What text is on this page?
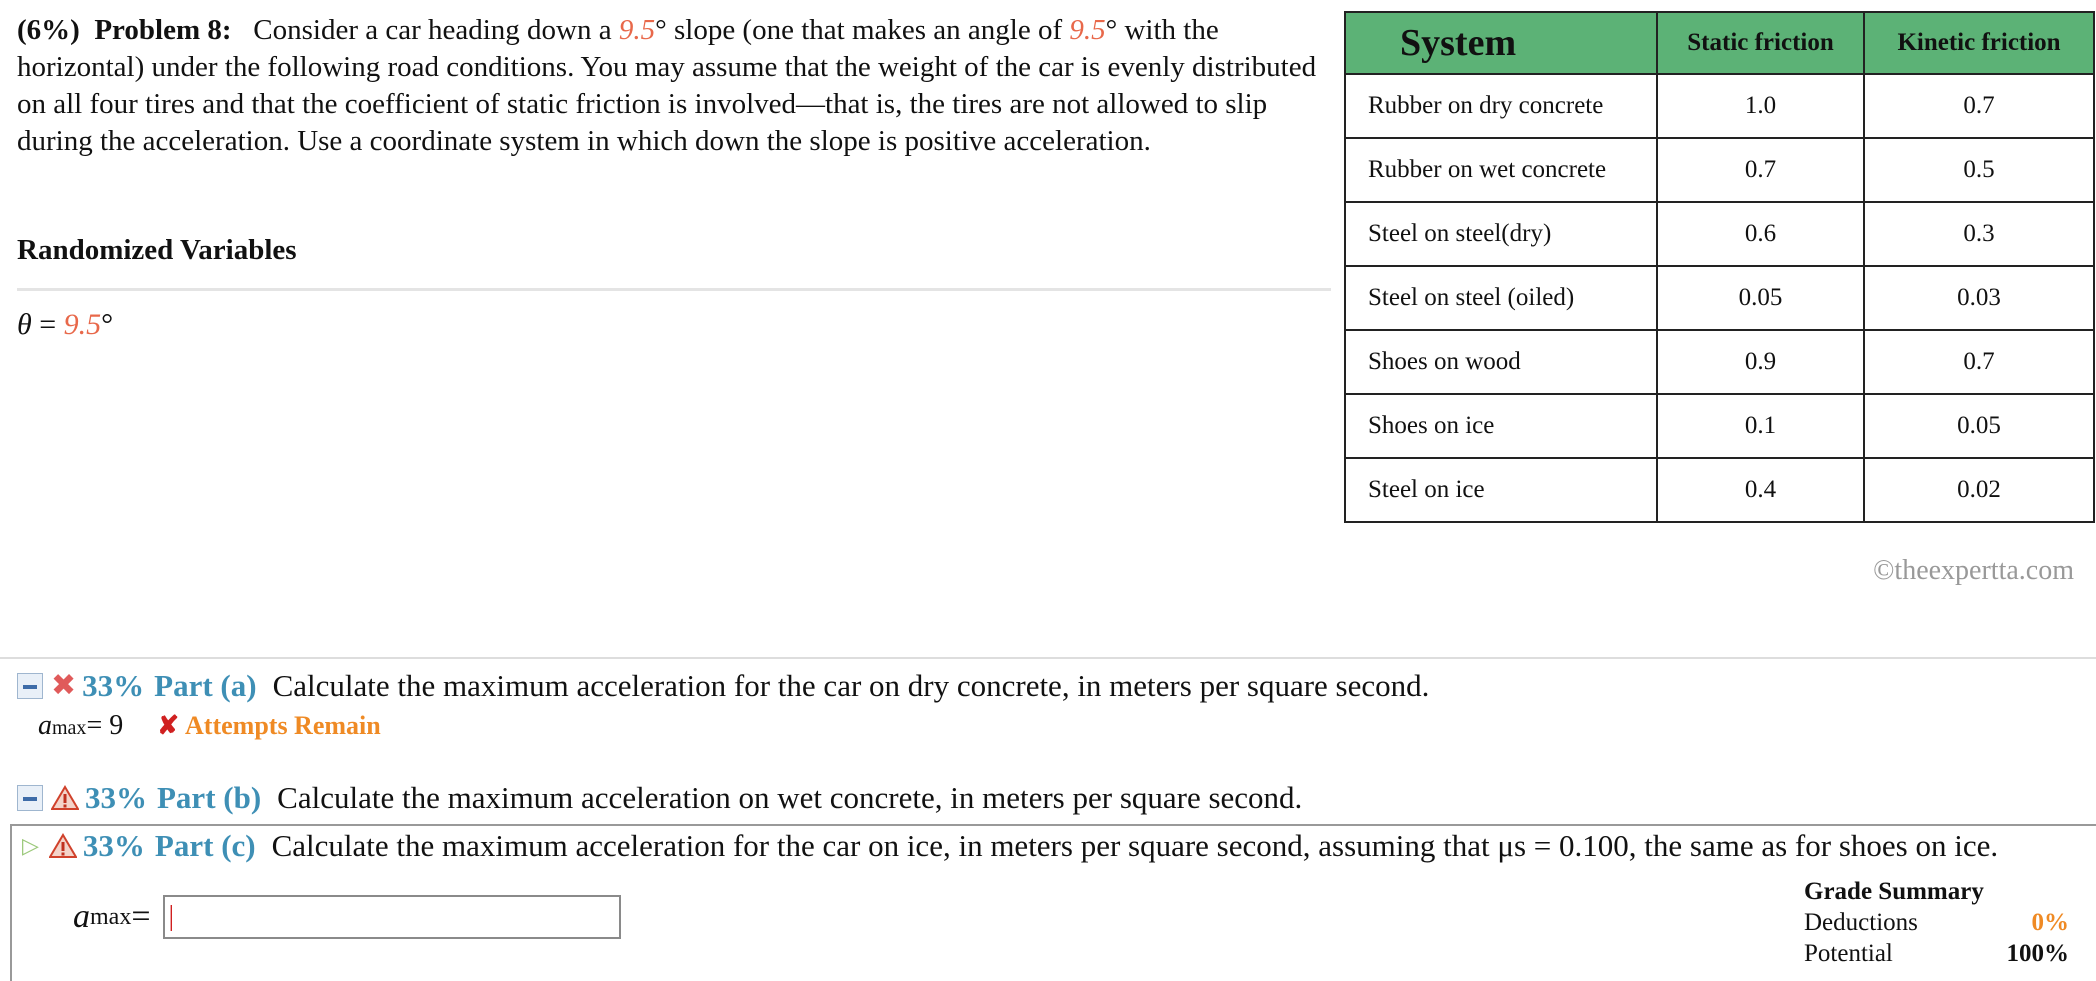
(6%) Problem 8: Consider a car heading down a 9.5° slope (one that makes an angle of 9.5° with the horizontal) under the following road conditions. You may assume that the weight of the car is evenly distributed on all four tires and that the coefficient of static friction is involved—that is, the tires are not allowed to slip during the acceleration. Use a coordinate system in which down the slope is positive acceleration.

Randomized Variables
θ = 9.5°
System	Static friction	Kinetic friction
Rubber on dry concrete	1.0	0.7
Rubber on wet concrete	0.7	0.5
Steel on steel(dry)	0.6	0.3
Steel on steel (oiled)	0.05	0.03
Shoes on wood	0.9	0.7
Shoes on ice	0.1	0.05
Steel on ice	0.4	0.02
©theexpertta.com
✖ 33% Part (a) Calculate the maximum acceleration for the car on dry concrete, in meters per square second.
a max = 9 ✘ Attempts Remain
33% Part (b) Calculate the maximum acceleration on wet concrete, in meters per square second.
▷ 33% Part (c) Calculate the maximum acceleration for the car on ice, in meters per square second, assuming that μs = 0.100, the same as for shoes on ice.
a max = |
Grade Summary
Deductions	0%
Potential	100%
